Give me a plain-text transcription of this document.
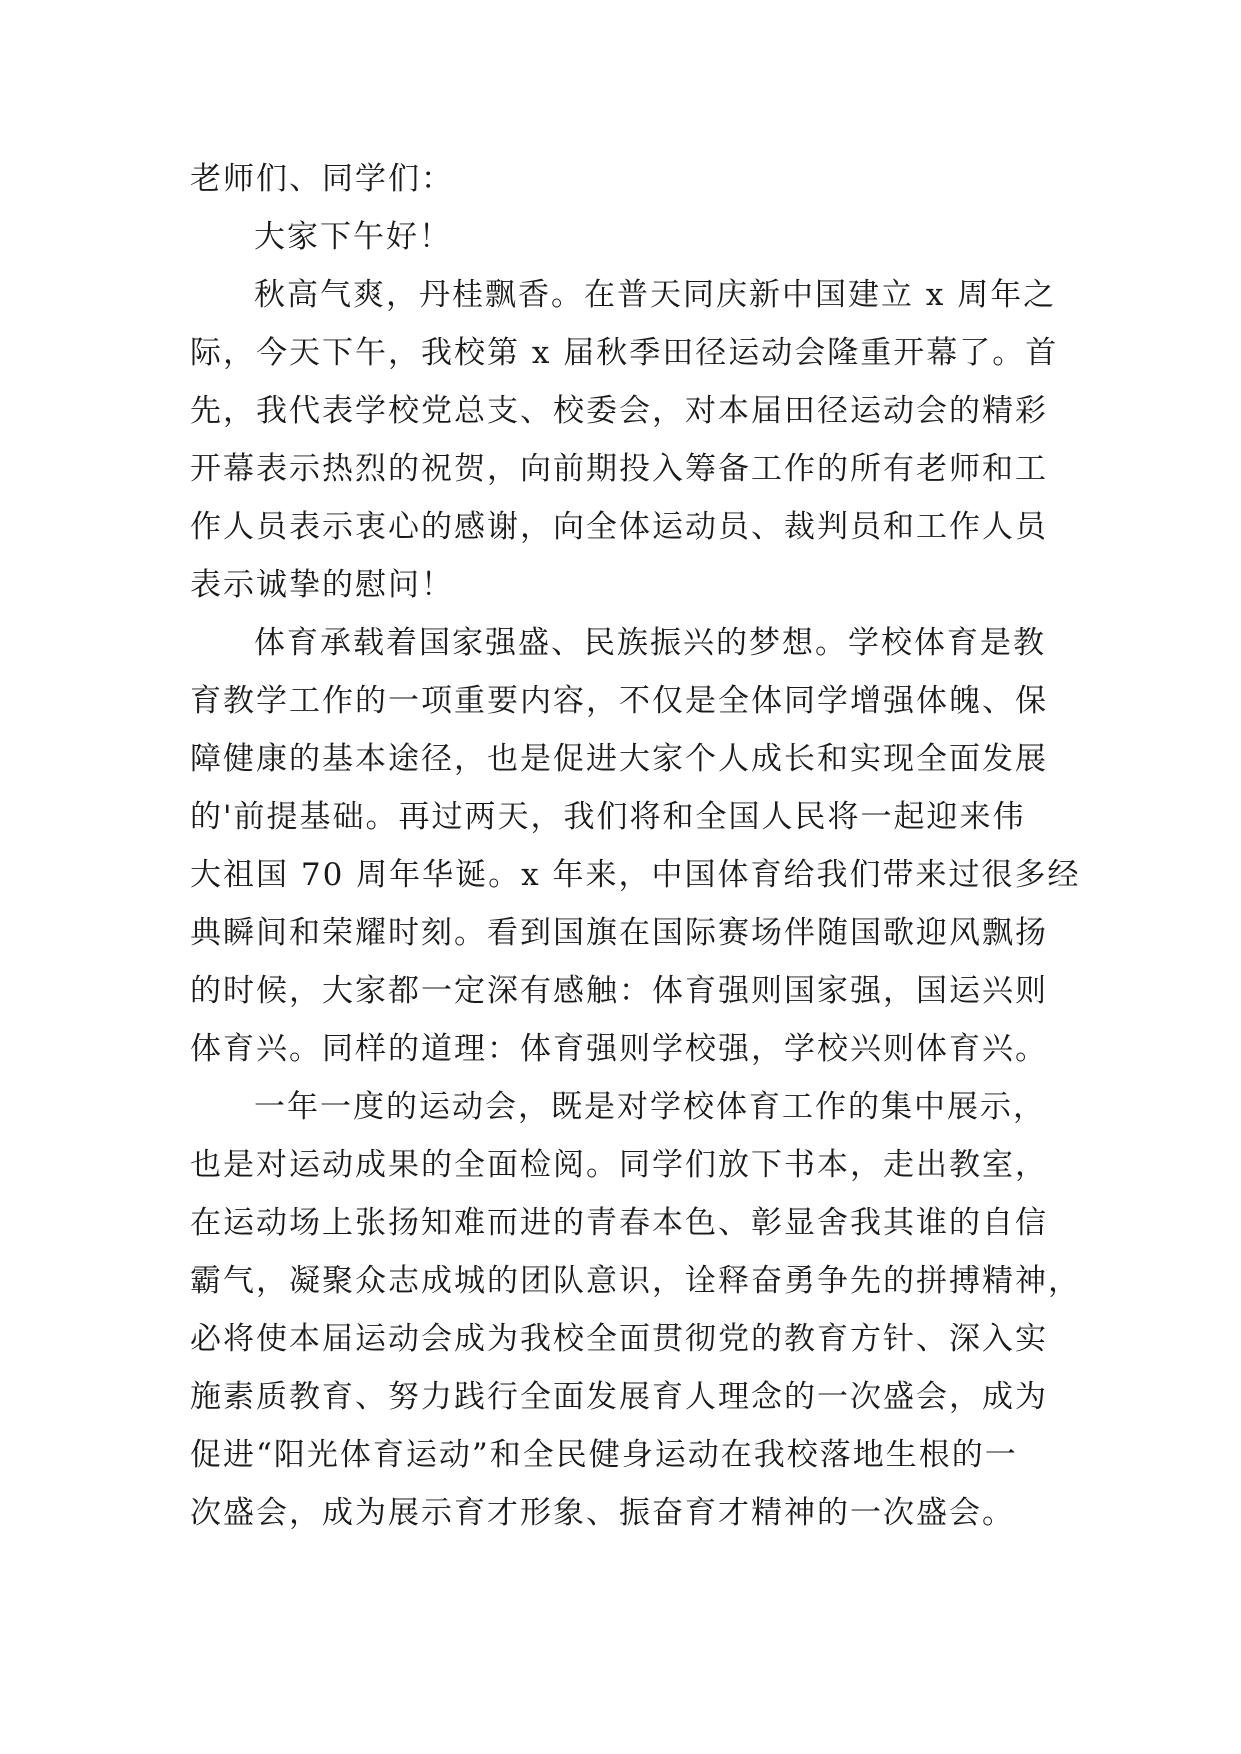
老师们、同学们：
大家下午好！
秋高气爽，丹桂飘香。在普天同庆新中国建立 x 周年之
际，今天下午，我校第 x 届秋季田径运动会隆重开幕了。首
先，我代表学校党总支、校委会，对本届田径运动会的精彩
开幕表示热烈的祝贺，向前期投入筹备工作的所有老师和工
作人员表示衷心的感谢，向全体运动员、裁判员和工作人员
表示诚挚的慰问！
体育承载着国家强盛、民族振兴的梦想。学校体育是教
育教学工作的一项重要内容，不仅是全体同学增强体魄、保
障健康的基本途径，也是促进大家个人成长和实现全面发展
的'前提基础。再过两天，我们将和全国人民将一起迎来伟
大祖国 70 周年华诞。x 年来，中国体育给我们带来过很多经
典瞬间和荣耀时刻。看到国旗在国际赛场伴随国歌迎风飘扬
的时候，大家都一定深有感触：体育强则国家强，国运兴则
体育兴。同样的道理：体育强则学校强，学校兴则体育兴。
一年一度的运动会，既是对学校体育工作的集中展示，
也是对运动成果的全面检阅。同学们放下书本，走出教室，
在运动场上张扬知难而进的青春本色、彰显舍我其谁的自信
霸气，凝聚众志成城的团队意识，诠释奋勇争先的拼搏精神，
必将使本届运动会成为我校全面贯彻党的教育方针、深入实
施素质教育、努力践行全面发展育人理念的一次盛会，成为
促进“阳光体育运动”和全民健身运动在我校落地生根的一
次盛会，成为展示育才形象、振奋育才精神的一次盛会。
